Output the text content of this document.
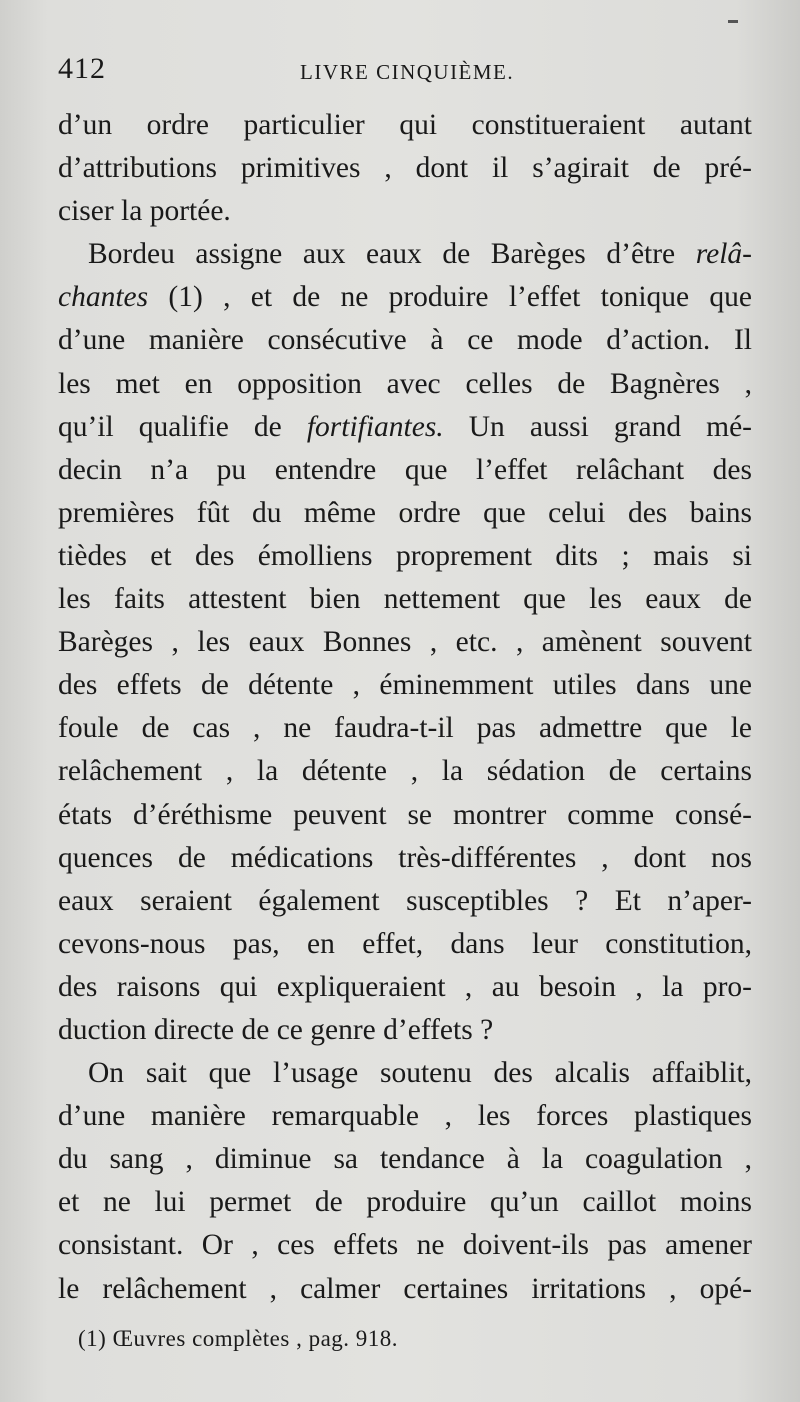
412	LIVRE CINQUIÈME.
d’un ordre particulier qui constitueraient autant
d’attributions primitives , dont il s’agirait de pré-
ciser la portée.
Bordeu assigne aux eaux de Barèges d’être relâ-
chantes (1) , et de ne produire l’effet tonique que
d’une manière consécutive à ce mode d’action. Il
les met en opposition avec celles de Bagnères ,
qu’il qualifie de fortifiantes. Un aussi grand mé-
decin n’a pu entendre que l’effet relâchant des
premières fût du même ordre que celui des bains
tièdes et des émolliens proprement dits ; mais si
les faits attestent bien nettement que les eaux de
Barèges , les eaux Bonnes , etc. , amènent souvent
des effets de détente , éminemment utiles dans une
foule de cas , ne faudra-t-il pas admettre que le
relâchement , la détente , la sédation de certains
états d’éréthisme peuvent se montrer comme consé-
quences de médications très-différentes , dont nos
eaux seraient également susceptibles ? Et n’aper-
cevons-nous pas, en effet, dans leur constitution,
des raisons qui expliqueraient , au besoin , la pro-
duction directe de ce genre d’effets ?
On sait que l’usage soutenu des alcalis affaiblit,
d’une manière remarquable , les forces plastiques
du sang , diminue sa tendance à la coagulation ,
et ne lui permet de produire qu’un caillot moins
consistant. Or , ces effets ne doivent-ils pas amener
le relâchement , calmer certaines irritations , opé-
(1) Œuvres complètes , pag. 918.
